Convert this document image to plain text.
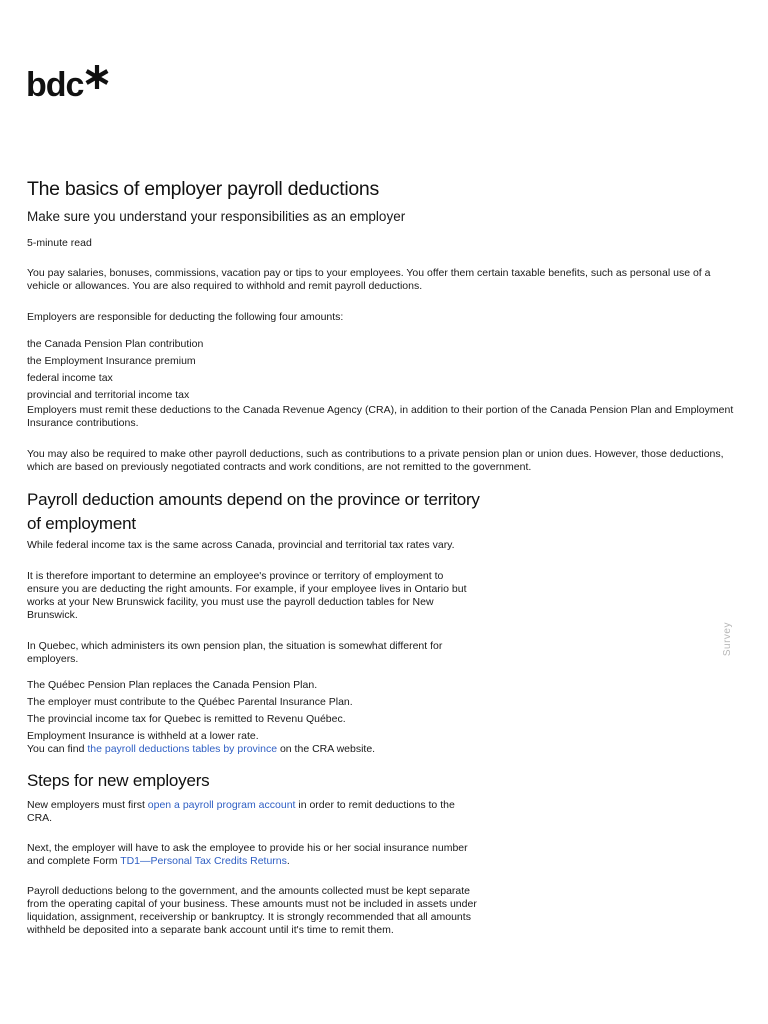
bdc
The basics of employer payroll deductions

Make sure you understand your responsibilities as an employer

5-minute read

You pay salaries, bonuses, commissions, vacation pay or tips to your employees. You offer them certain taxable benefits, such as personal use of a vehicle or allowances. You are also required to withhold and remit payroll deductions.

Employers are responsible for deducting the following four amounts:

the Canada Pension Plan contribution
the Employment Insurance premium
federal income tax
provincial and territorial income tax

Employers must remit these deductions to the Canada Revenue Agency (CRA), in addition to their portion of the Canada Pension Plan and Employment Insurance contributions.

You may also be required to make other payroll deductions, such as contributions to a private pension plan or union dues. However, those deductions, which are based on previously negotiated contracts and work conditions, are not remitted to the government.

Payroll deduction amounts depend on the province or territory of employment

While federal income tax is the same across Canada, provincial and territorial tax rates vary.

It is therefore important to determine an employee's province or territory of employment to ensure you are deducting the right amounts. For example, if your employee lives in Ontario but works at your New Brunswick facility, you must use the payroll deduction tables for New Brunswick.

In Quebec, which administers its own pension plan, the situation is somewhat different for employers.

The Québec Pension Plan replaces the Canada Pension Plan.
The employer must contribute to the Québec Parental Insurance Plan.
The provincial income tax for Quebec is remitted to Revenu Québec.
Employment Insurance is withheld at a lower rate.

You can find the payroll deductions tables by province on the CRA website.

Steps for new employers

New employers must first open a payroll program account in order to remit deductions to the CRA.

Next, the employer will have to ask the employee to provide his or her social insurance number and complete Form TD1—Personal Tax Credits Returns.

Payroll deductions belong to the government, and the amounts collected must be kept separate from the operating capital of your business. These amounts must not be included in assets under liquidation, assignment, receivership or bankruptcy. It is strongly recommended that all amounts withheld be deposited into a separate bank account until it's time to remit them.

Survey
